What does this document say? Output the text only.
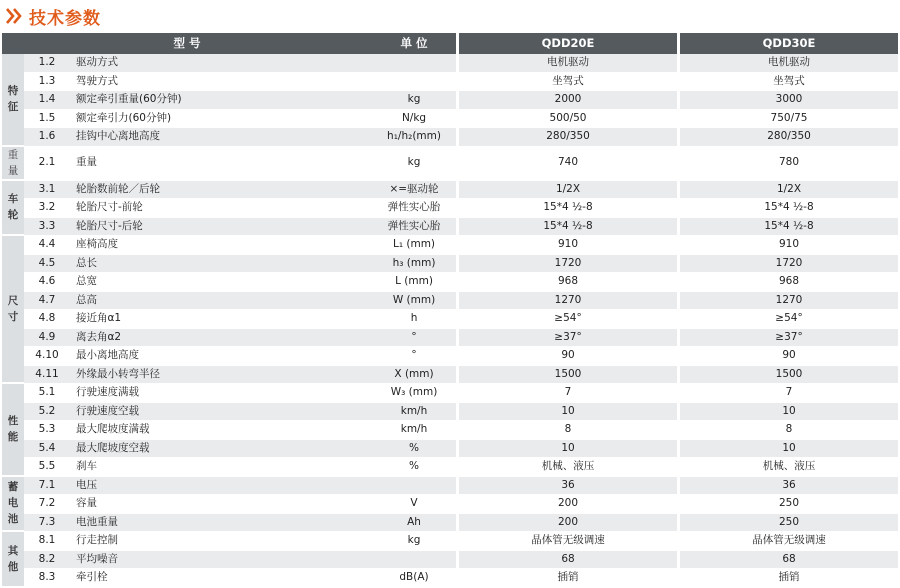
技术参数
型 号			单 位		QDD20E		QDD30E
特
征	1.2	驱动方式			电机驱动		电机驱动
	1.3	驾驶方式			坐驾式		坐驾式
	1.4	额定牵引重量(60分钟)	kg		2000		3000
	1.5	额定牵引力(60分钟)	N/kg		500/50		750/75
	1.6	挂钩中心离地高度	h₁/h₂(mm)		280/350		280/350
重
量	2.1	重量	kg		740		780
车
轮	3.1	轮胎数前轮／后轮	×=驱动轮		1/2X		1/2X
	3.2	轮胎尺寸-前轮	弹性实心胎		15*4 ½-8		15*4 ½-8
	3.3	轮胎尺寸-后轮	弹性实心胎		15*4 ½-8		15*4 ½-8
尺
寸	4.4	座椅高度	L₁ (mm)		910		910
	4.5	总长	h₃ (mm)		1720		1720
	4.6	总宽	L (mm)		968		968
	4.7	总高	W (mm)		1270		1270
	4.8	接近角α1	h		≥54°		≥54°
	4.9	离去角α2	°		≥37°		≥37°
	4.10	最小离地高度	°		90		90
	4.11	外缘最小转弯半径	X (mm)		1500		1500
性
能	5.1	行驶速度满载	W₃ (mm)		7		7
	5.2	行驶速度空载	km/h		10		10
	5.3	最大爬坡度满载	km/h		8		8
	5.4	最大爬坡度空载	%		10		10
	5.5	刹车	%		机械、液压		机械、液压
蓄
电
池	7.1	电压			36		36
	7.2	容量	V		200		250
	7.3	电池重量	Ah		200		250
其
他	8.1	行走控制	kg		晶体管无级调速		晶体管无级调速
	8.2	平均噪音			68		68
	8.3	牵引栓	dB(A)		插销		插销
